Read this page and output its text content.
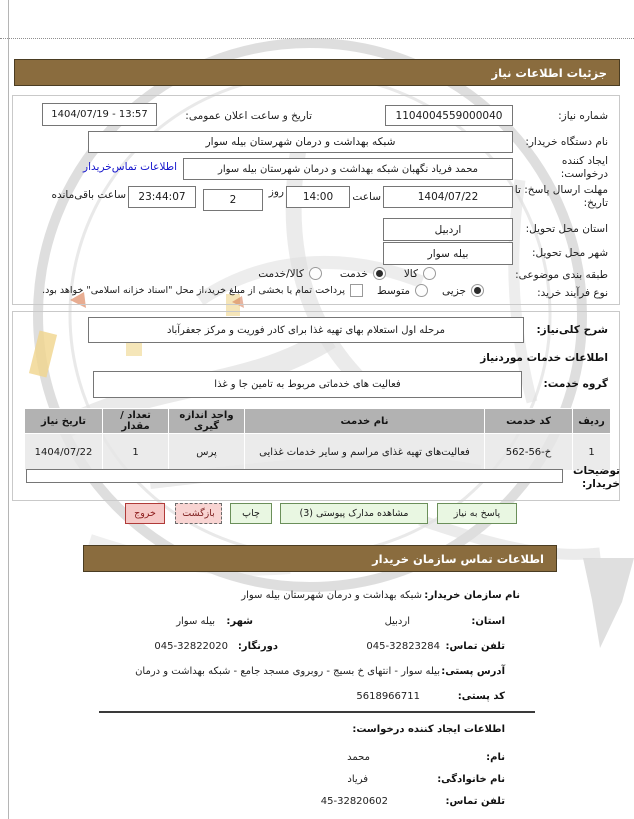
جزئیات اطلاعات نیاز
شماره نیاز:
1104004559000040
تاریخ و ساعت اعلان عمومی:
1404/07/19 - 13:57
نام دستگاه خریدار:
شبکه بهداشت و درمان شهرستان بیله سوار
ایجاد کننده درخواست:
محمد فریاد نگهبان شبکه بهداشت و درمان شهرستان بیله سوار
اطلاعات تماس‌خریدار
مهلت ارسال پاسخ: تا تاریخ:
1404/07/22
ساعت
14:00
روز
2
23:44:07
ساعت باقی‌مانده
استان محل تحویل:
اردبیل
شهر محل تحویل:
بیله سوار
طبقه بندی موضوعی:
کالا
خدمت
کالا/خدمت
نوع فرآیند خرید:
جزیی
متوسط
پرداخت تمام یا بخشی از مبلغ خرید،از محل "اسناد خزانه اسلامی" خواهد بود.
شرح کلی‌نیاز:
مرحله اول استعلام بهای تهیه غذا برای کادر فوریت و مرکز جعفرآباد
اطلاعات خدمات موردنیاز
گروه خدمت:
فعالیت های خدماتی مربوط به تامین جا و غذا
ردیف	کد خدمت	نام خدمت	واحد اندازه گیری	تعداد / مقدار	تاریخ نیاز
1	خ-56-562	فعالیت‌های تهیه غذای مراسم و سایر خدمات غذایی	پرس	1	1404/07/22
توضیحات خریدار:
پاسخ به نیاز
مشاهده مدارک پیوستی (3)
چاپ
بازگشت
خروج
اطلاعات تماس سازمان خریدار
نام سازمان خریدار:
شبکه بهداشت و درمان شهرستان بیله سوار
استان:
اردبیل
شهر:
بیله سوار
تلفن تماس:
045-32823284
دورنگار:
045-32822020
آدرس پستی:
بیله سوار - انتهای خ بسیج - روبروی مسجد جامع - شبکه بهداشت و درمان
کد پستی:
5618966711
اطلاعات ایجاد کننده درخواست:
نام:
محمد
نام خانوادگی:
فریاد
تلفن تماس:
45-32820602
